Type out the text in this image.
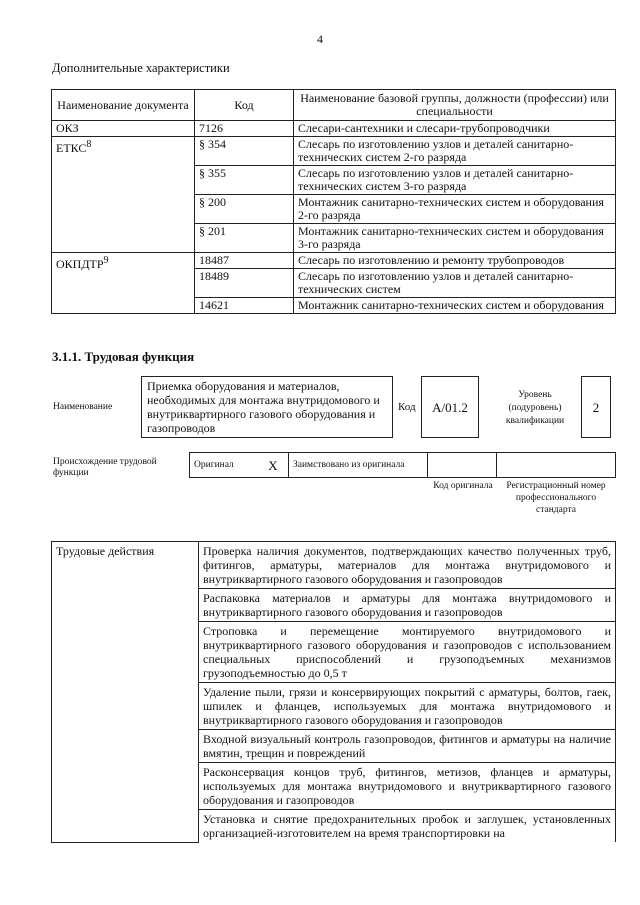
4
Дополнительные характеристики
Наименование документа	Код	Наименование базовой группы, должности (профессии) или специальности
ОКЗ	7126	Слесари-сантехники и слесари-трубопроводчики
ЕТКС$^8$	§ 354	Слесарь по изготовлению узлов и деталей санитарно-технических систем 2-го разряда
	§ 355	Слесарь по изготовлению узлов и деталей санитарно-технических систем 3-го разряда
	§ 200	Монтажник санитарно-технических систем и оборудования 2-го разряда
	§ 201	Монтажник санитарно-технических систем и оборудования 3-го разряда
ОКПДТР$^9$	18487	Слесарь по изготовлению и ремонту трубопроводов
	18489	Слесарь по изготовлению узлов и деталей санитарно-технических систем
	14621	Монтажник санитарно-технических систем и оборудования
3.1.1. Трудовая функция
Наименование
Приемка оборудования и материалов, необходимых для монтажа внутридомового и внутриквартирного газового оборудования и газопроводов
Код	А/01.2
Уровень (подуровень) квалификации
2
Происхождение трудовой функции
Оригинал	X	Заимствовано из оригинала		
Код оригинала	Регистрационный номер профессионального стандарта
Трудовые действия	Проверка наличия документов, подтверждающих качество полученных труб, фитингов, арматуры, материалов для монтажа внутридомового и внутриквартирного газового оборудования и газопроводов
Распаковка материалов и арматуры для монтажа внутридомового и внутриквартирного газового оборудования и газопроводов
Строповка и перемещение монтируемого внутридомового и внутриквартирного газового оборудования и газопроводов с использованием специальных приспособлений и грузоподъемных механизмов грузоподъемностью до 0,5 т
Удаление пыли, грязи и консервирующих покрытий с арматуры, болтов, гаек, шпилек и фланцев, используемых для монтажа внутридомового и внутриквартирного газового оборудования и газопроводов
Входной визуальный контроль газопроводов, фитингов и арматуры на наличие вмятин, трещин и повреждений
Расконсервация концов труб, фитингов, метизов, фланцев и арматуры, используемых для монтажа внутридомового и внутриквартирного газового оборудования и газопроводов
Установка и снятие предохранительных пробок и заглушек, установленных организацией-изготовителем на время транспортировки на
